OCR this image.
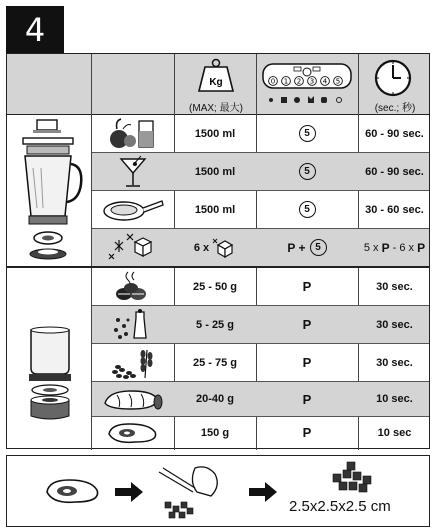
4
Kg
(MAX; 最大)
0 1 2 3 4 5
(sec.; 秒)
1500 ml	5	60 - 90 sec.
1500 ml	5	60 - 90 sec.
1500 ml	5	30 - 60 sec.
6 x	P + 5	5 x P - 6 x P
25 - 50 g	P	30 sec.
5 - 25 g	P	30 sec.
25 - 75 g	P	30 sec.
20-40 g	P	10 sec.
150 g	P	10 sec
2.5x2.5x2.5 cm
